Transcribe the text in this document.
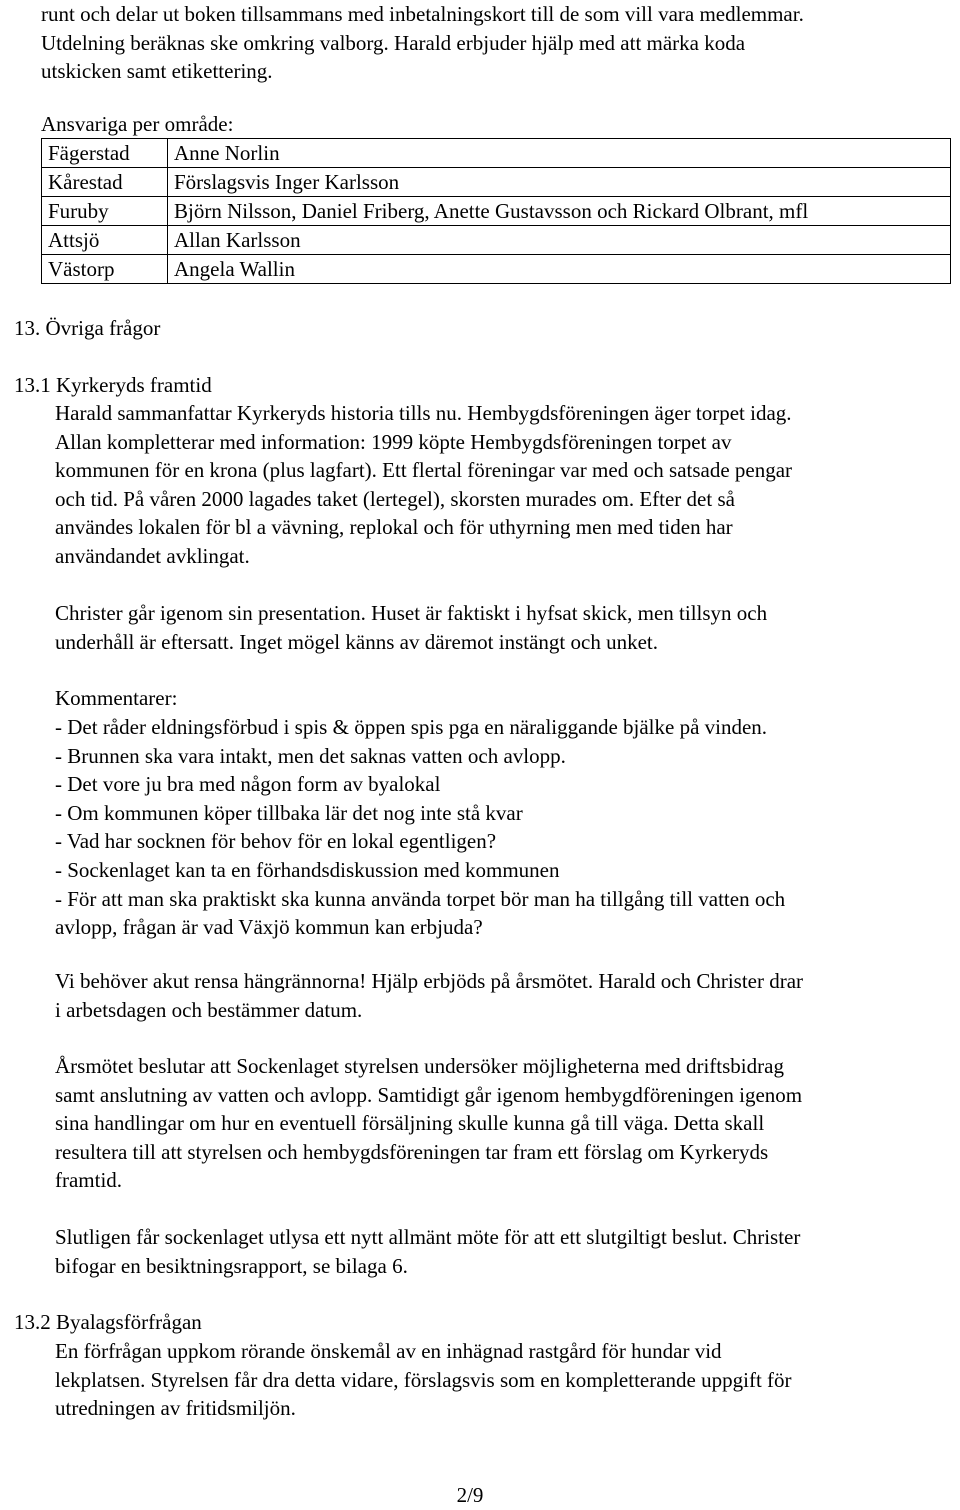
runt och delar ut boken tillsammans med inbetalningskort till de som vill vara medlemmar.
Utdelning beräknas ske omkring valborg. Harald erbjuder hjälp med att märka koda
utskicken samt etikettering.
Ansvariga per område:
Fägerstad	Anne Norlin
Kårestad	Förslagsvis Inger Karlsson
Furuby	Björn Nilsson, Daniel Friberg, Anette Gustavsson och Rickard Olbrant, mfl
Attsjö	Allan Karlsson
Västorp	Angela Wallin
13. Övriga frågor
13.1 Kyrkeryds framtid
Harald sammanfattar Kyrkeryds historia tills nu. Hembygdsföreningen äger torpet idag.
Allan kompletterar med information: 1999 köpte Hembygdsföreningen torpet av
kommunen för en krona (plus lagfart). Ett flertal föreningar var med och satsade pengar
och tid. På våren 2000 lagades taket (lertegel), skorsten murades om. Efter det så
användes lokalen för bl a vävning, replokal och för uthyrning men med tiden har
användandet avklingat.
Christer går igenom sin presentation. Huset är faktiskt i hyfsat skick, men tillsyn och
underhåll är eftersatt. Inget mögel känns av däremot instängt och unket.
Kommentarer:
- Det råder eldningsförbud i spis & öppen spis pga en näraliggande bjälke på vinden.
- Brunnen ska vara intakt, men det saknas vatten och avlopp.
- Det vore ju bra med någon form av byalokal
- Om kommunen köper tillbaka lär det nog inte stå kvar
- Vad har socknen för behov för en lokal egentligen?
- Sockenlaget kan ta en förhandsdiskussion med kommunen
- För att man ska praktiskt ska kunna använda torpet bör man ha tillgång till vatten och
avlopp, frågan är vad Växjö kommun kan erbjuda?
Vi behöver akut rensa hängrännorna! Hjälp erbjöds på årsmötet. Harald och Christer drar
i arbetsdagen och bestämmer datum.
Årsmötet beslutar att Sockenlaget styrelsen undersöker möjligheterna med driftsbidrag
samt anslutning av vatten och avlopp. Samtidigt går igenom hembygdföreningen igenom
sina handlingar om hur en eventuell försäljning skulle kunna gå till väga. Detta skall
resultera till att styrelsen och hembygdsföreningen tar fram ett förslag om Kyrkeryds
framtid.
Slutligen får sockenlaget utlysa ett nytt allmänt möte för att ett slutgiltigt beslut. Christer
bifogar en besiktningsrapport, se bilaga 6.
13.2 Byalagsförfrågan
En förfrågan uppkom rörande önskemål av en inhägnad rastgård för hundar vid
lekplatsen. Styrelsen får dra detta vidare, förslagsvis som en kompletterande uppgift för
utredningen av fritidsmiljön.
2/9
